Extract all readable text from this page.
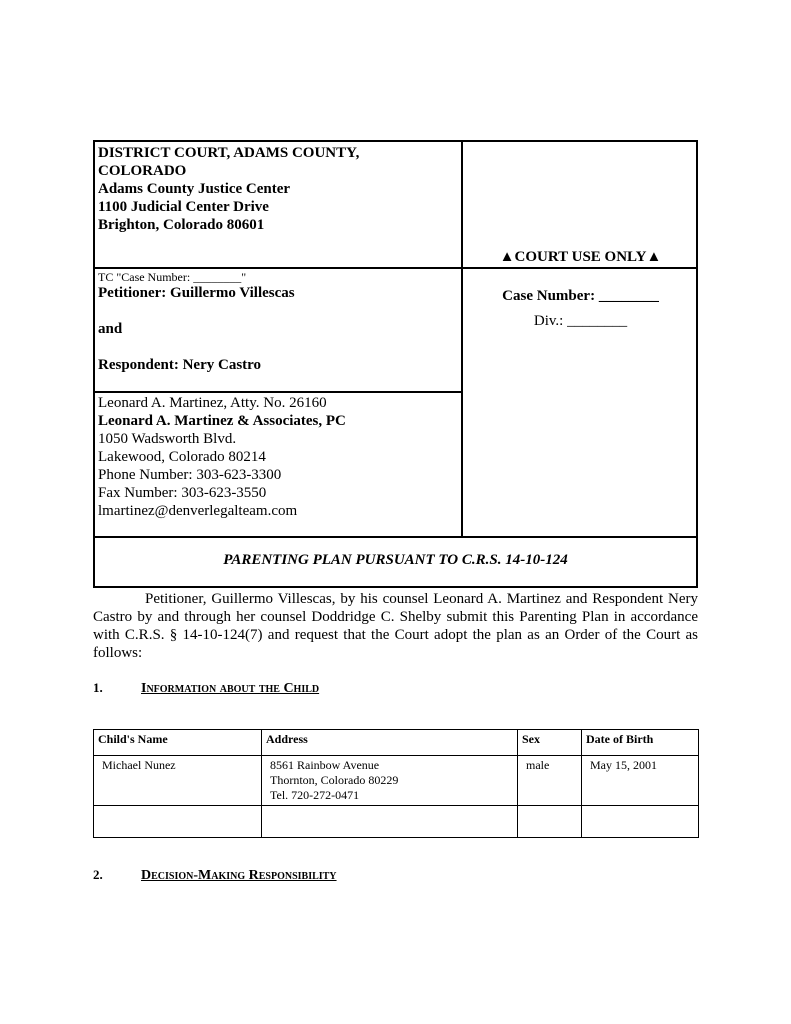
DISTRICT COURT, ADAMS COUNTY,
COLORADO
Adams County Justice Center
1100 Judicial Center Drive
Brighton, Colorado 80601
▲COURT USE ONLY▲
TC "Case Number: ________"
Petitioner: Guillermo Villescas
and
Respondent: Nery Castro
Case Number: ________
Div.: ________
Leonard A. Martinez, Atty. No. 26160
Leonard A. Martinez & Associates, PC
1050 Wadsworth Blvd.
Lakewood, Colorado 80214
Phone Number: 303-623-3300
Fax Number: 303-623-3550
lmartinez@denverlegalteam.com
PARENTING PLAN PURSUANT TO C.R.S. 14-10-124
Petitioner, Guillermo Villescas, by his counsel Leonard A. Martinez and Respondent Nery Castro by and through her counsel Doddridge C. Shelby submit this Parenting Plan in accordance with C.R.S. § 14-10-124(7) and request that the Court adopt the plan as an Order of the Court as follows:
1.	Information about the Child
Child's Name	Address	Sex	Date of Birth
Michael Nunez	8561 Rainbow Avenue
Thornton, Colorado 80229
Tel. 720-272-0471	male	May 15, 2001

2.	Decision-Making Responsibility
